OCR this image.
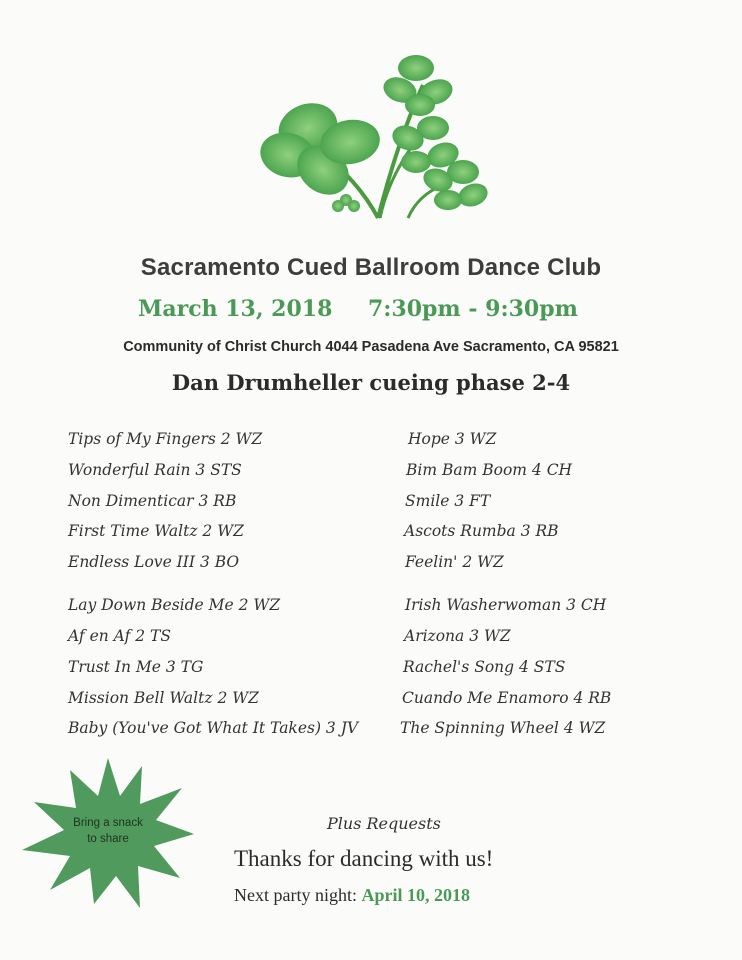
Sacramento Cued Ballroom Dance Club
March 13, 2018 7:30pm - 9:30pm
Community of Christ Church 4044 Pasadena Ave Sacramento, CA 95821
Dan Drumheller cueing phase 2-4
Tips of My Fingers 2 WZ
Wonderful Rain 3 STS
Non Dimenticar 3 RB
First Time Waltz 2 WZ
Endless Love III 3 BO
Lay Down Beside Me 2 WZ
Af en Af 2 TS
Trust In Me 3 TG
Mission Bell Waltz 2 WZ
Baby (You've Got What It Takes) 3 JV
Hope 3 WZ
Bim Bam Boom 4 CH
Smile 3 FT
Ascots Rumba 3 RB
Feelin' 2 WZ
Irish Washerwoman 3 CH
Arizona 3 WZ
Rachel's Song 4 STS
Cuando Me Enamoro 4 RB
The Spinning Wheel 4 WZ
Bring a snack
to share
Plus Requests
Thanks for dancing with us!
Next party night: April 10, 2018
